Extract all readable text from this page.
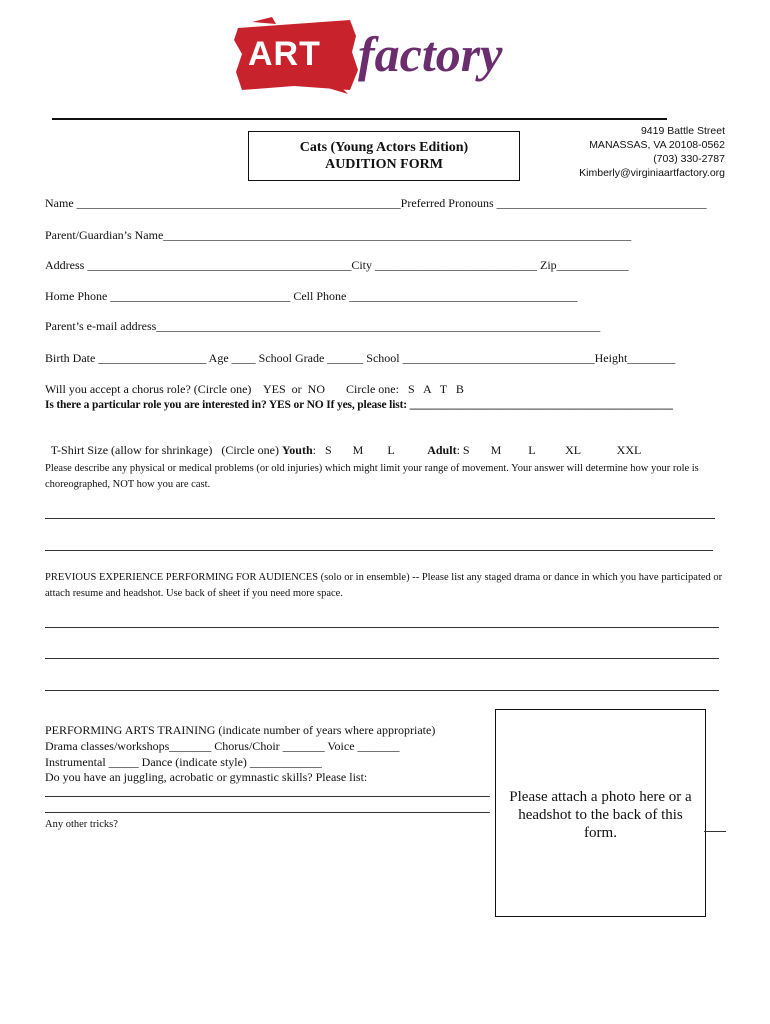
ART factory
9419 Battle Street
MANASSAS, VA 20108-0562
(703) 330-2787
Kimberly@virginiaartfactory.org
Cats (Young Actors Edition)
AUDITION FORM
Name ______________________________________________________Preferred Pronouns ___________________________________
Parent/Guardian’s Name______________________________________________________________________________
Address ____________________________________________City ___________________________ Zip____________
Home Phone ______________________________ Cell Phone ______________________________________
Parent’s e-mail address__________________________________________________________________________
Birth Date __________________ Age ____ School Grade ______ School ________________________________Height________
Will you accept a chorus role? (Circle one)    YES  or  NO       Circle one:   S   A   T   B
Is there a particular role you are interested in? YES or NO If yes, please list: _______________________________________________

T-Shirt Size (allow for shrinkage)   (Circle one) Youth:   S       M        L           Adult: S       M         L          XL            XXL

Please describe any physical or medical problems (or old injuries) which might limit your range of movement. Your answer will determine how your role is choreographed, NOT how you are cast.
PREVIOUS EXPERIENCE PERFORMING FOR AUDIENCES (solo or in ensemble) -- Please list any staged drama or dance in which you have participated or attach resume and headshot. Use back of sheet if you need more space.
PERFORMING ARTS TRAINING (indicate number of years where appropriate)
Drama classes/workshops_______ Chorus/Choir _______ Voice _______
Instrumental _____ Dance (indicate style) ____________
Do you have an juggling, acrobatic or gymnastic skills? Please list:
Any other tricks?
Please attach a photo here or a headshot to the back of this form.
